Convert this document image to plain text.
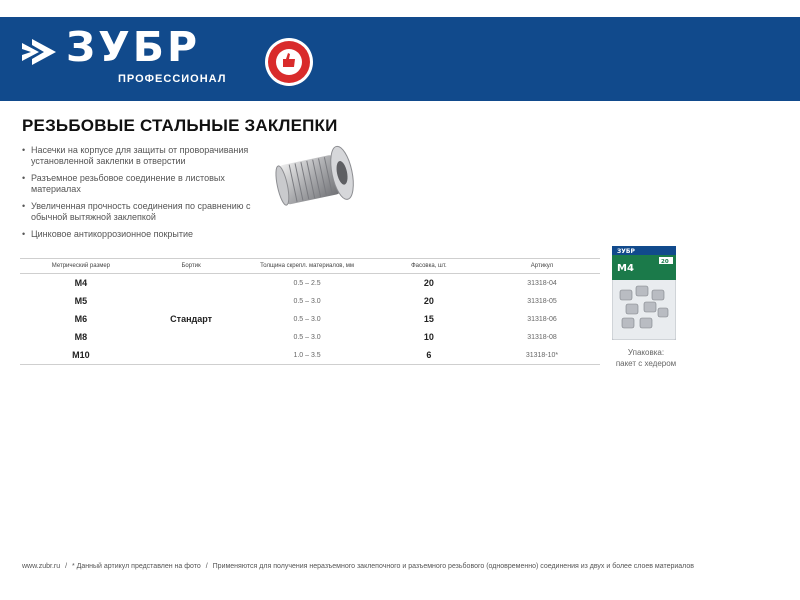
ЗУБР
ПРОФЕССИОНАЛ
РЕЗЬБОВЫЕ СТАЛЬНЫЕ ЗАКЛЕПКИ
• Насечки на корпусе для защиты от проворачивания установленной заклепки в отверстии
• Разъемное резьбовое соединение в листовых материалах
• Увеличенная прочность соединения по сравнению с обычной вытяжной заклепкой
• Цинковое антикоррозионное покрытие
Метрический размер	Бортик	Толщина скрепл. материалов, мм	Фасовка, шт.	Артикул
M4		0.5 – 2.5	20	31318-04
M5		0.5 – 3.0	20	31318-05
M6	Стандарт	0.5 – 3.0	15	31318-06
M8		0.5 – 3.0	10	31318-08
M10		1.0 – 3.5	6	31318-10*
ЗУБР
20
M4
Упаковка:
пакет с хедером
www.zubr.ru / * Данный артикул представлен на фото / Применяются для получения неразъемного заклепочного и разъемного резьбового (одновременно) соединения из двух и более слоев материалов
